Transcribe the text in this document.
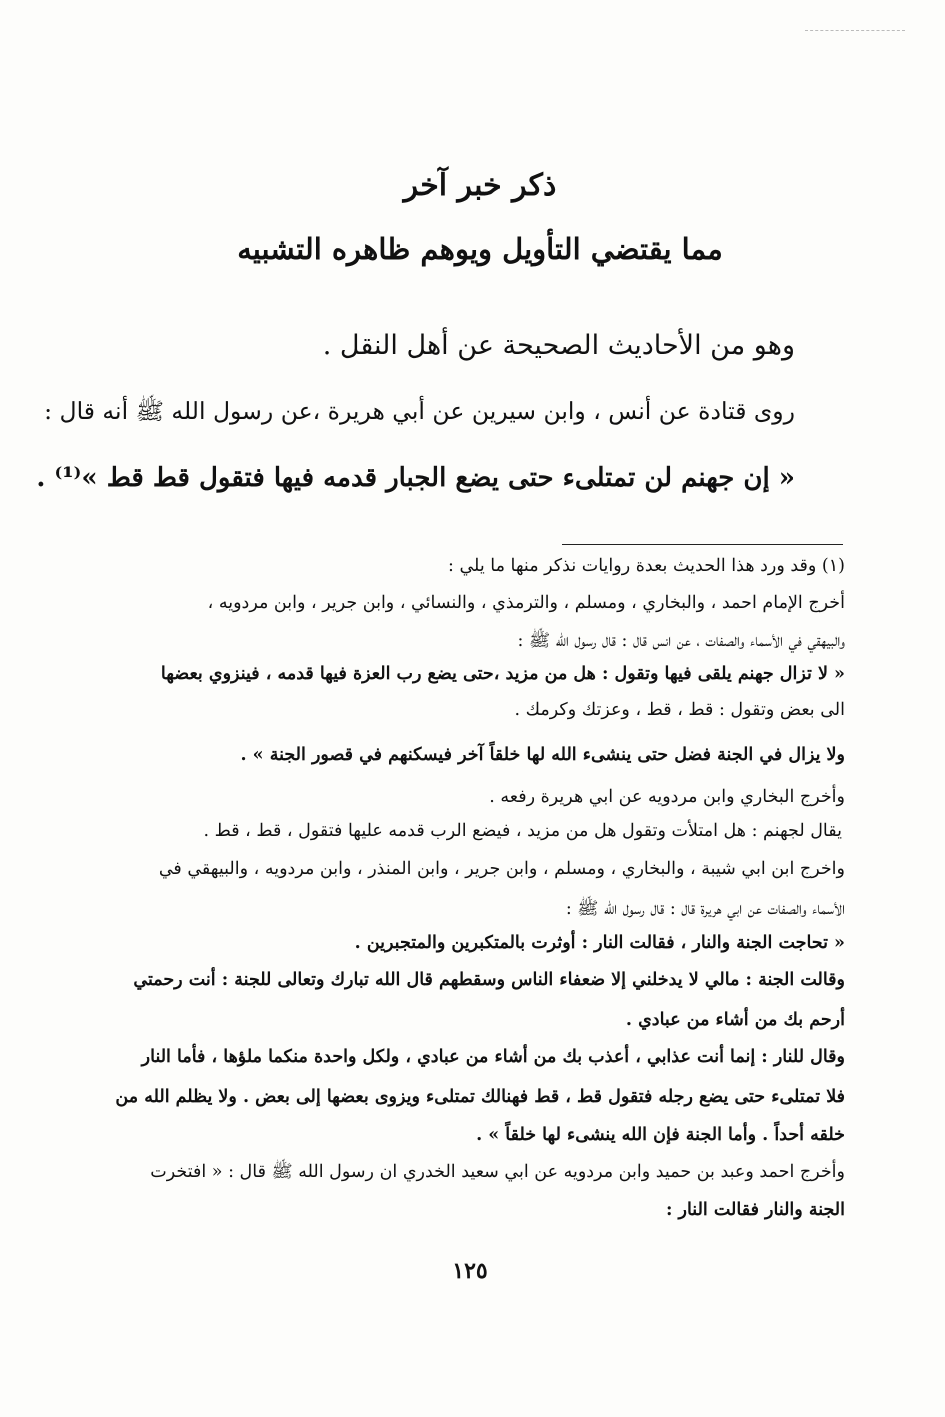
ذكر خبر آخر
مما يقتضي التأويل ويوهم ظاهره التشبيه
وهو من الأحاديث الصحيحة عن أهل النقل .
روى قتادة عن أنس ، وابن سيرين عن أبي هريرة ،عن رسول الله ﷺ أنه قال :
« إن جهنم لن تمتلىء حتى يضع الجبار قدمه فيها فتقول قط قط »⁽¹⁾ .
(١) وقد ورد هذا الحديث بعدة روايات نذكر منها ما يلي :
أخرج الإمام احمد ، والبخاري ، ومسلم ، والترمذي ، والنسائي ، وابن جرير ، وابن مردويه ،
والبيهقي في الأسماء والصفات ، عن انس قال : قال رسول الله ﷺ :
« لا تزال جهنم يلقى فيها وتقول : هل من مزيد ،حتى يضع رب العزة فيها قدمه ، فينزوي بعضها
الى بعض وتقول : قط ، قط ، وعزتك وكرمك .
ولا يزال في الجنة فضل حتى ينشىء الله لها خلقاً آخر فيسكنهم في قصور الجنة » .
وأخرج البخاري وابن مردويه عن ابي هريرة رفعه .
يقال لجهنم : هل امتلأت وتقول هل من مزيد ، فيضع الرب قدمه عليها فتقول ، قط ، قط .
واخرج ابن ابي شيبة ، والبخاري ، ومسلم ، وابن جرير ، وابن المنذر ، وابن مردويه ، والبيهقي في
الأسماء والصفات عن ابي هريرة قال : قال رسول الله ﷺ :
« تحاجت الجنة والنار ، فقالت النار : أوثرت بالمتكبرين والمتجبرين .
وقالت الجنة : مالي لا يدخلني إلا ضعفاء الناس وسقطهم قال الله تبارك وتعالى للجنة : أنت رحمتي
أرحم بك من أشاء من عبادي .
وقال للنار : إنما أنت عذابي ، أعذب بك من أشاء من عبادي ، ولكل واحدة منكما ملؤها ، فأما النار
فلا تمتلىء حتى يضع رجله فتقول قط ، قط فهنالك تمتلىء ويزوى بعضها إلى بعض . ولا يظلم الله من
خلقه أحداً . وأما الجنة فإن الله ينشىء لها خلقاً » .
وأخرج احمد وعبد بن حميد وابن مردويه عن ابي سعيد الخدري ان رسول الله ﷺ قال : « افتخرت
الجنة والنار فقالت النار :
١٢٥
